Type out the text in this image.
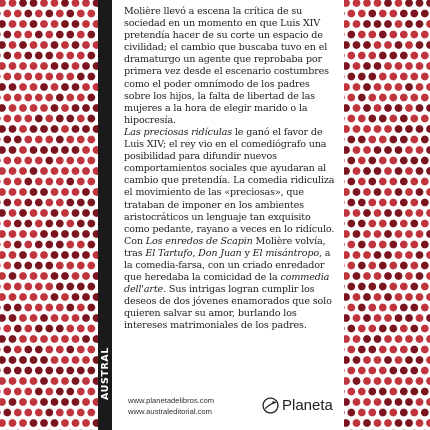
Molière llevó a escena la crítica de su sociedad en un momento en que Luis XIV pretendía hacer de su corte un espacio de civilidad; el cambio que buscaba tuvo en el dramaturgo un agente que reprobaba por primera vez desde el escenario costumbres como el poder omnímodo de los padres sobre los hijos, la falta de libertad de las mujeres a la hora de elegir marido o la hipocresía.

Las preciosas ridículas le ganó el favor de Luis XIV; el rey vio en el comediógrafo una posibilidad para difundir nuevos comportamientos sociales que ayudaran al cambio que pretendía. La comedia ridiculiza el movimiento de las «preciosas», que trataban de imponer en los ambientes aristocráticos un lenguaje tan exquisito como pedante, rayano a veces en lo ridículo.

Con Los enredos de Scapin Molière volvía, tras El Tartufo, Don Juan y El misántropo, a la comedia-farsa, con un criado enredador que heredaba la comicidad de la commedia dell'arte. Sus intrigas logran cumplir los deseos de dos jóvenes enamorados que solo quieren salvar su amor, burlando los intereses matrimoniales de los padres.

www.planetadelibros.com
www.australeditorial.com	Planeta
